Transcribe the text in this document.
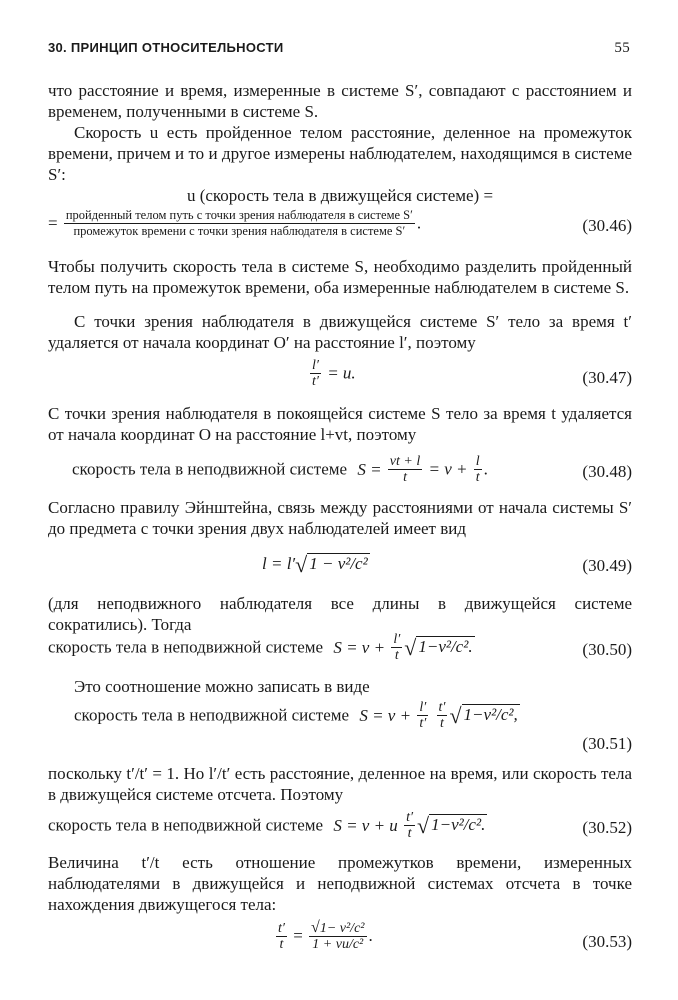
30. ПРИНЦИП ОТНОСИТЕЛЬНОСТИ	55
что расстояние и время, измеренные в системе S′, совпадают с расстоянием и временем, полученными в системе S.
Скорость u есть пройденное телом расстояние, деленное на промежуток времени, причем и то и другое измерены наблюдателем, находящимся в системе S′:
u (скорость тела в движущейся системе) =
= пройденный телом путь с точки зрения наблюдателя в системе S′
промежуток времени с точки зрения наблюдателя в системе S′ .	(30.46)
Чтобы получить скорость тела в системе S, необходимо разделить пройденный телом путь на промежуток времени, оба измеренные наблюдателем в системе S.
С точки зрения наблюдателя в движущейся системе S′ тело за время t′ удаляется от начала координат O′ на расстояние l′, поэтому
$\frac{l'}{t'} = u$.	(30.47)
С точки зрения наблюдателя в покоящейся системе S тело за время t удаляется от начала координат O на расстояние l+vt, поэтому
скорость тела в неподвижной системе $S = \frac{vt + l}{t} = v + \frac{l}{t}$ .	(30.48)
Согласно правилу Эйнштейна, связь между расстояниями от начала системы S′ до предмета с точки зрения двух наблюдателей имеет вид
l = l′√ 1 − v²/c²	(30.49)
(для неподвижного наблюдателя все длины в движущейся системе сократились). Тогда
скорость тела в неподвижной системе $S = v + \frac{l'}{t}$ √ 1−v²/c².	(30.50)
Это соотношение можно записать в виде
скорость тела в неподвижной системе $S = v + \frac{l'}{t'}$
$\frac{t'}{t}$ √ 1−v²/c²,
(30.51)
поскольку t′/t′ = 1. Но l′/t′ есть расстояние, деленное на время, или скорость тела в движущейся системе отсчета. Поэтому
скорость тела в неподвижной системе S = v + u $\frac{t'}{t}$ √ 1−v²/c².	(30.52)
Величина t′/t есть отношение промежутков времени, измеренных наблюдателями в движущейся и неподвижной системах отсчета в точке нахождения движущегося тела:
$\frac{t'}{t} = \frac{\text{√1− v²/c²}}{\text{1 + vu/c²}}$ .	(30.53)
